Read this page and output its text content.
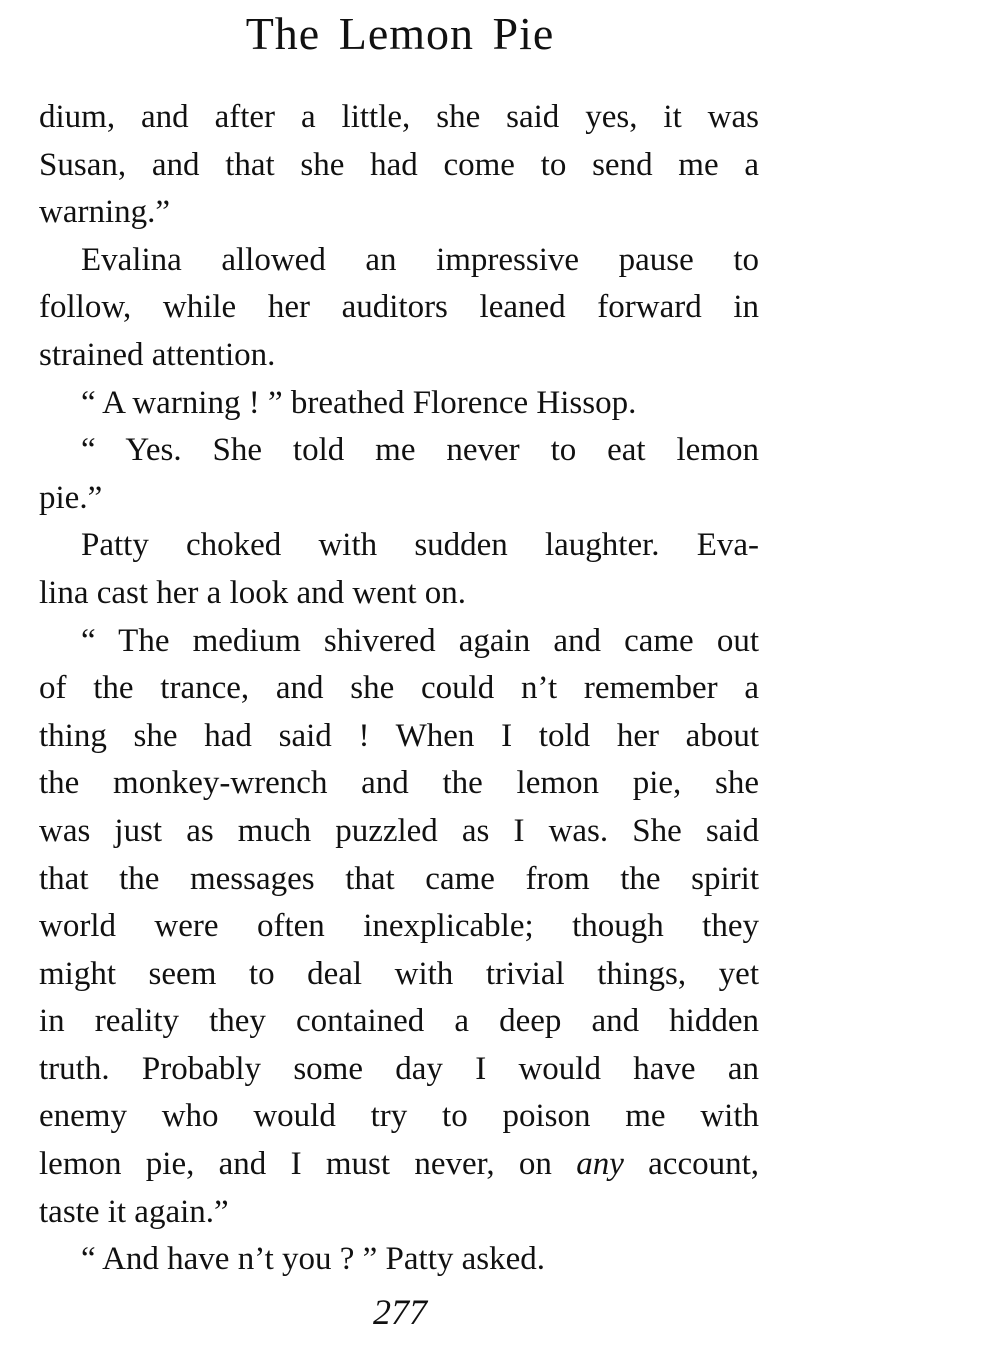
The Lemon Pie
dium, and after a little, she said yes, it was
Susan, and that she had come to send me a
warning.”
Evalina allowed an impressive pause to
follow, while her auditors leaned forward in
strained attention.
“ A warning ! ” breathed Florence Hissop.
“ Yes. She told me never to eat lemon
pie.”
Patty choked with sudden laughter. Eva-
lina cast her a look and went on.
“ The medium shivered again and came out
of the trance, and she could n’t remember a
thing she had said ! When I told her about
the monkey-wrench and the lemon pie, she
was just as much puzzled as I was. She said
that the messages that came from the spirit
world were often inexplicable; though they
might seem to deal with trivial things, yet
in reality they contained a deep and hidden
truth. Probably some day I would have an
enemy who would try to poison me with
lemon pie, and I must never, on any account,
taste it again.”
“ And have n’t you ? ” Patty asked.
277
